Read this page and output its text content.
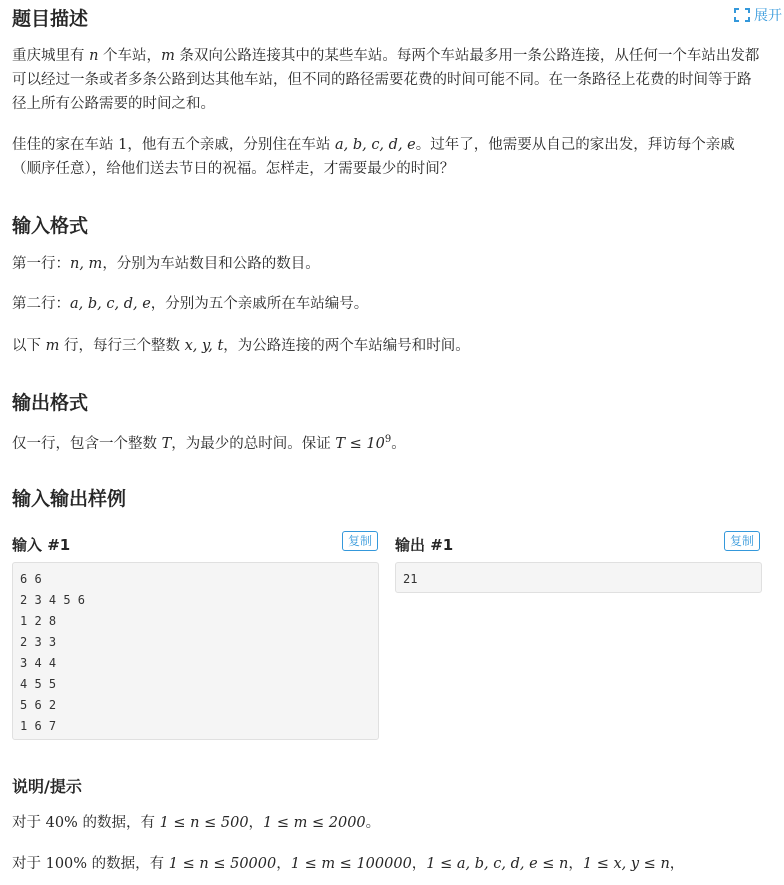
题目描述	展开

重庆城里有 n 个车站，m 条双向公路连接其中的某些车站。每两个车站最多用一条公路连接，从任何一个车站出发都可以经过一条或者多条公路到达其他车站，但不同的路径需要花费的时间可能不同。在一条路径上花费的时间等于路径上所有公路需要的时间之和。

佳佳的家在车站 1，他有五个亲戚，分别住在车站 a, b, c, d, e。过年了，他需要从自己的家出发，拜访每个亲戚（顺序任意），给他们送去节日的祝福。怎样走，才需要最少的时间？

输入格式

第一行：n, m，分别为车站数目和公路的数目。

第二行：a, b, c, d, e，分别为五个亲戚所在车站编号。

以下 m 行，每行三个整数 x, y, t，为公路连接的两个车站编号和时间。

输出格式

仅一行，包含一个整数 T，为最少的总时间。保证 $T \le 10^9$。

输入输出样例
输入 #1	复制
6 6
2 3 4 5 6
1 2 8
2 3 3
3 4 4
4 5 5
5 6 2
1 6 7
输出 #1	复制
21
说明/提示

对于 40% 的数据，有 1 ≤ n ≤ 500，1 ≤ m ≤ 2000。

对于 100% 的数据，有 1 ≤ n ≤ 50000，1 ≤ m ≤ 100000，1 ≤ a, b, c, d, e ≤ n，1 ≤ x, y ≤ n，
